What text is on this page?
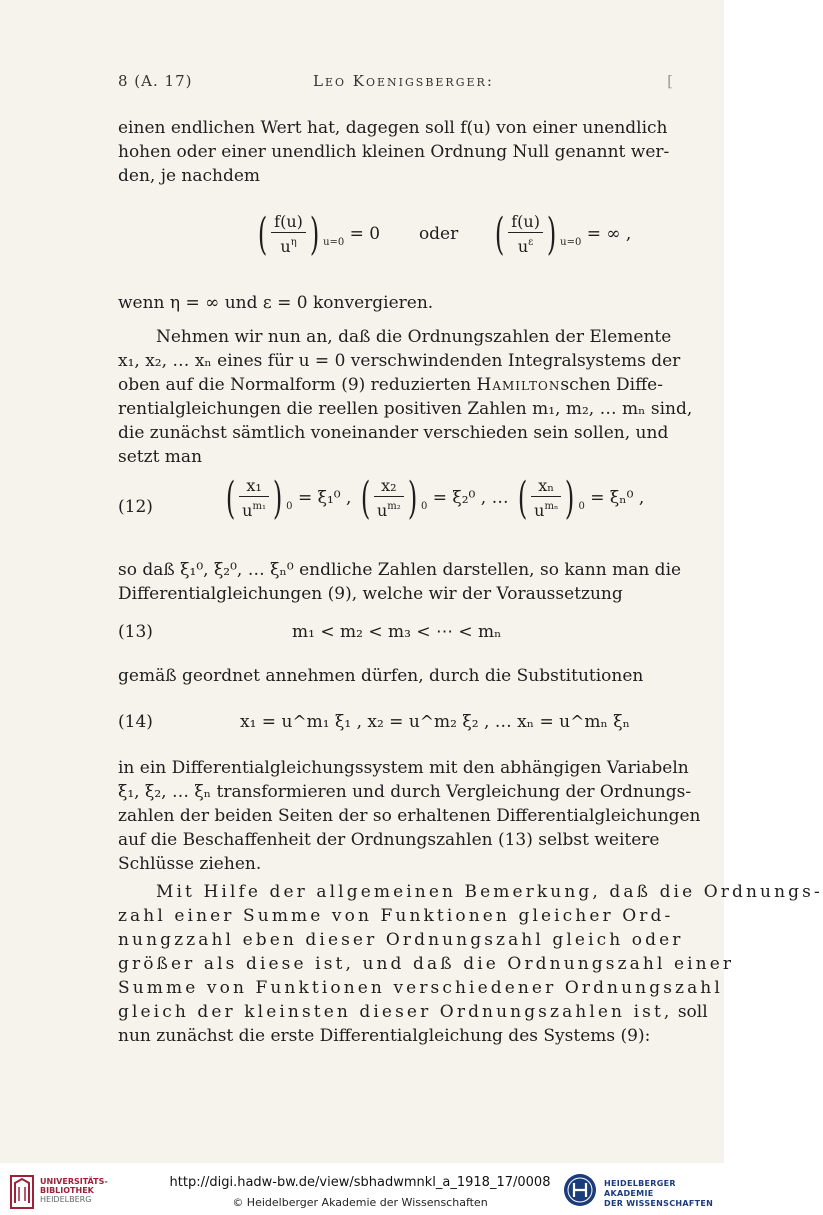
8 (A. 17)	Leo Koenigsberger:	[
einen endlichen Wert hat, dagegen soll f(u) von einer unendlich
hohen oder einer unendlich kleinen Ordnung Null genannt wer-
den, je nachdem
( $\frac{f(u)}{u^\eta}$ ) $_{u=0}$ = 0 oder ( $\frac{f(u)}{u^\varepsilon}$ ) $_{u=0}$ = ∞ ,
wenn η = ∞ und ε = 0 konvergieren.
Nehmen wir nun an, daß die Ordnungszahlen der Elemente
x₁, x₂, … xₙ eines für u = 0 verschwindenden Integralsystems der
oben auf die Normalform (9) reduzierten Hamiltonschen Diffe-
rentialgleichungen die reellen positiven Zahlen m₁, m₂, … mₙ sind,
die zunächst sämtlich voneinander verschieden sein sollen, und
setzt man
(12) ( $\frac{\text{x₁}}{u^{m_1}}$ ) $_0$ = ξ₁⁰ , ( $\frac{\text{x₂}}{u^{m_2}}$ ) $_0$ = ξ₂⁰ , … ( $\frac{\text{xₙ}}{u^{m_n}}$ ) $_0$ = ξₙ⁰ ,
so daß ξ₁⁰, ξ₂⁰, … ξₙ⁰ endliche Zahlen darstellen, so kann man die
Differentialgleichungen (9), welche wir der Voraussetzung
(13)	m₁ < m₂ < m₃ < ⋯ < mₙ
gemäß geordnet annehmen dürfen, durch die Substitutionen
(14)	x₁ = u^m₁ ξ₁ , x₂ = u^m₂ ξ₂ , … xₙ = u^mₙ ξₙ
in ein Differentialgleichungssystem mit den abhängigen Variabeln
ξ₁, ξ₂, … ξₙ transformieren und durch Vergleichung der Ordnungs-
zahlen der beiden Seiten der so erhaltenen Differentialgleichungen
auf die Beschaffenheit der Ordnungszahlen (13) selbst weitere
Schlüsse ziehen.
Mit Hilfe der allgemeinen Bemerkung, daß die Ordnungs-
zahl einer Summe von Funktionen gleicher Ord-
nungzzahl eben dieser Ordnungszahl gleich oder
größer als diese ist, und daß die Ordnungszahl einer
Summe von Funktionen verschiedener Ordnungszahl
gleich der kleinsten dieser Ordnungszahlen ist, soll
nun zunächst die erste Differentialgleichung des Systems (9):
UNIVERSITÄTS-
BIBLIOTHEK
HEIDELBERG
http://digi.hadw-bw.de/view/sbhadwmnkl_a_1918_17/0008
© Heidelberger Akademie der Wissenschaften
HEIDELBERGER AKADEMIE
DER WISSENSCHAFTEN
